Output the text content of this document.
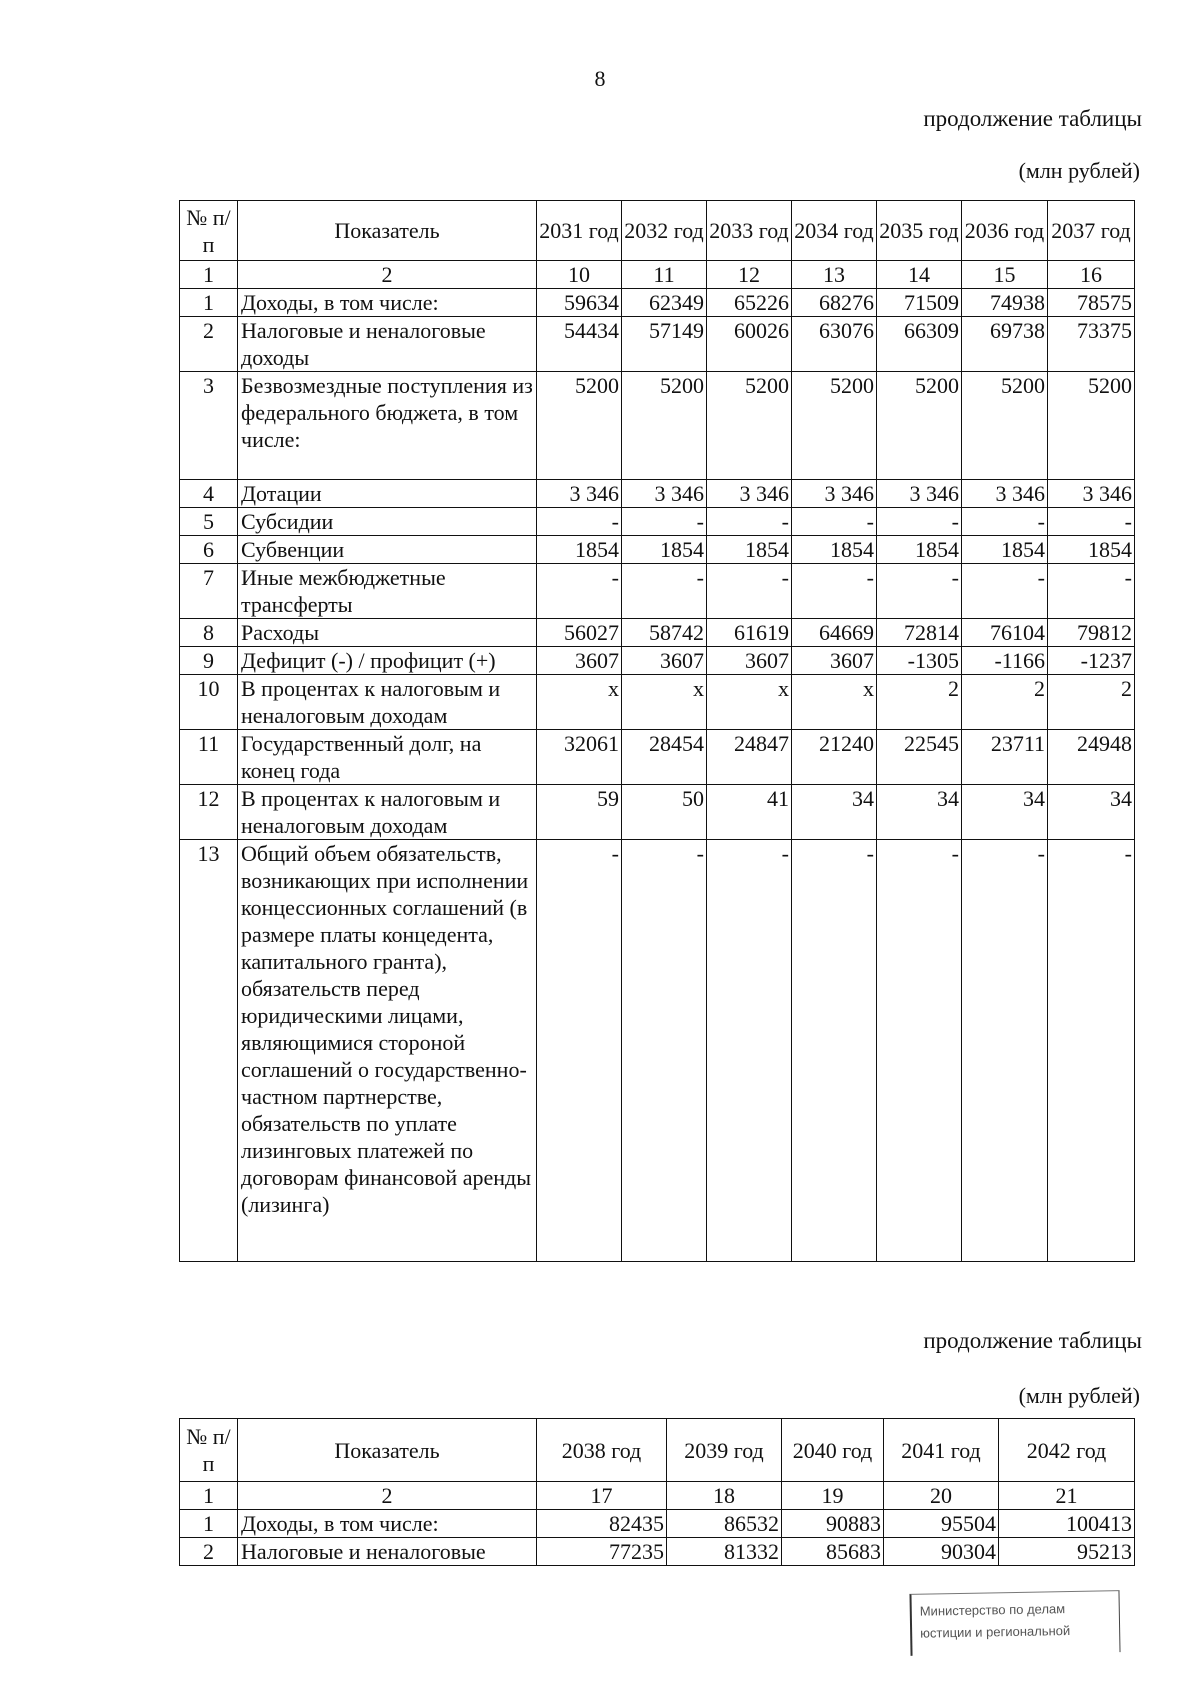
8
продолжение таблицы
(млн рублей)
№ п/п	Показатель	2031 год	2032 год	2033 год	2034 год	2035 год	2036 год	2037 год
1	2	10	11	12	13	14	15	16
1	Доходы, в том числе:	59634	62349	65226	68276	71509	74938	78575
2	Налоговые и неналоговые доходы	54434	57149	60026	63076	66309	69738	73375
3	Безвозмездные поступления из федерального бюджета, в том числе:	5200	5200	5200	5200	5200	5200	5200
4	Дотации	3 346	3 346	3 346	3 346	3 346	3 346	3 346
5	Субсидии	-	-	-	-	-	-	-
6	Субвенции	1854	1854	1854	1854	1854	1854	1854
7	Иные межбюджетные трансферты	-	-	-	-	-	-	-
8	Расходы	56027	58742	61619	64669	72814	76104	79812
9	Дефицит (-) / профицит (+)	3607	3607	3607	3607	-1305	-1166	-1237
10	В процентах к налоговым и неналоговым доходам	х	х	х	х	2	2	2
11	Государственный долг, на конец года	32061	28454	24847	21240	22545	23711	24948
12	В процентах к налоговым и неналоговым доходам	59	50	41	34	34	34	34
13	Общий объем обязательств, возникающих при исполнении концессионных соглашений (в размере платы концедента, капитального гранта), обязательств перед юридическими лицами, являющимися стороной соглашений о государственно-частном партнерстве, обязательств по уплате лизинговых платежей по договорам финансовой аренды (лизинга)	-	-	-	-	-	-	-
продолжение таблицы
(млн рублей)
№ п/п	Показатель	2038 год	2039 год	2040 год	2041 год	2042 год
1	2	17	18	19	20	21
1	Доходы, в том числе:	82435	86532	90883	95504	100413
2	Налоговые и неналоговые	77235	81332	85683	90304	95213
Министерство по делам
юстиции и региональной
